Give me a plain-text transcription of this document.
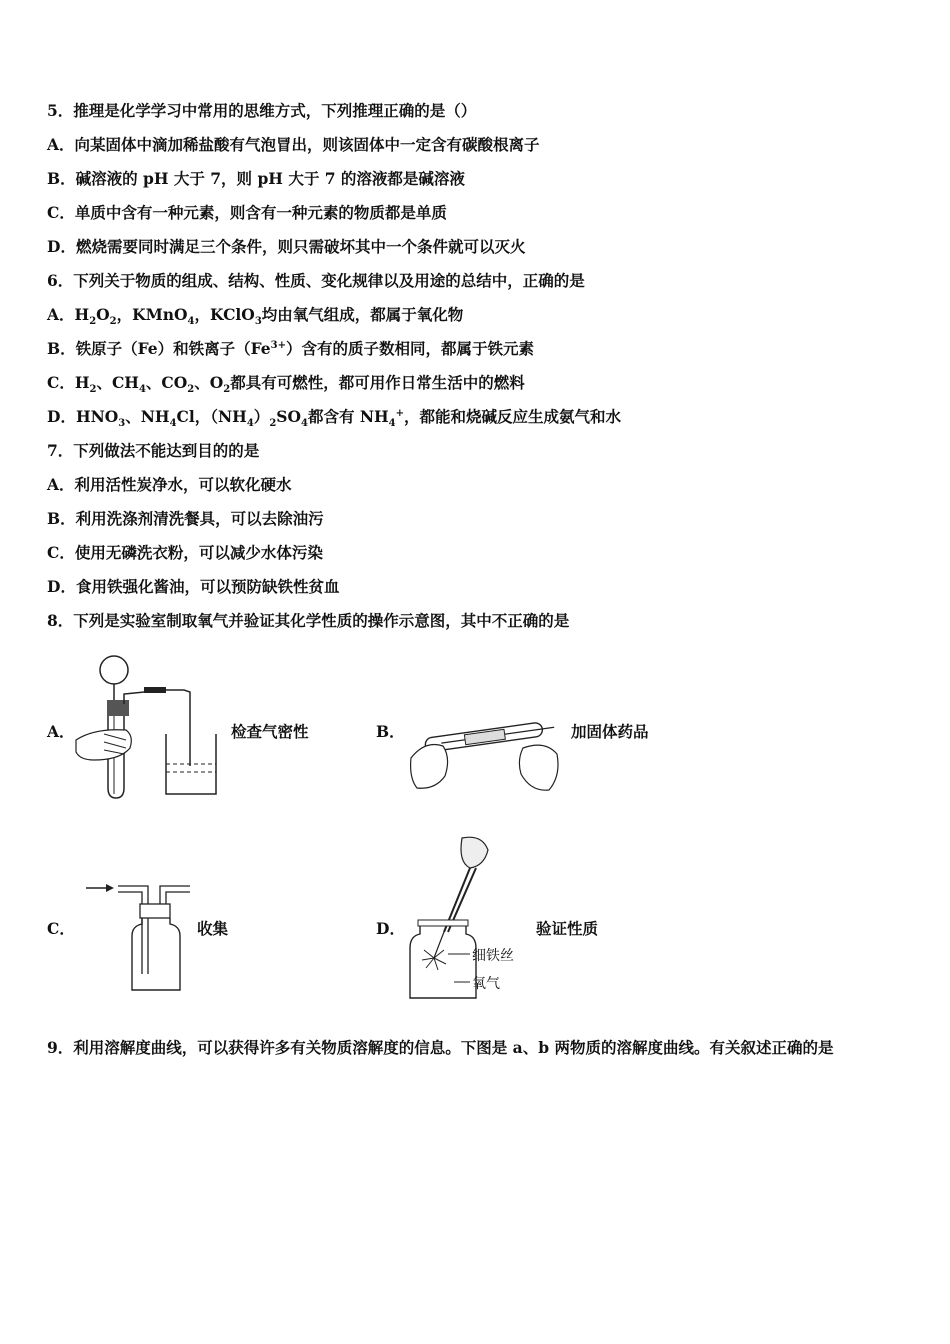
5．推理是化学学习中常用的思维方式，下列推理正确的是（）
A．向某固体中滴加稀盐酸有气泡冒出，则该固体中一定含有碳酸根离子
B．碱溶液的 pH 大于 7，则 pH 大于 7 的溶液都是碱溶液
C．单质中含有一种元素，则含有一种元素的物质都是单质
D．燃烧需要同时满足三个条件，则只需破坏其中一个条件就可以灭火
6．下列关于物质的组成、结构、性质、变化规律以及用途的总结中，正确的是
A．$H_2O_2$，KMnO$_4$，KClO$_3$均由氧气组成，都属于氧化物
B．铁原子（Fe）和铁离子$(Fe^{3+})$含有的质子数相同，都属于铁元素
C．$H_2$、$CH_4$、$CO_2$、$O_2$都具有可燃性，都可用作日常生活中的燃料
D．$HNO_3$、$NH_4Cl$，$(NH_4)_2SO_4$都含有 $NH_4^+$，都能和烧碱反应生成氨气和水
7．下列做法不能达到目的的是
A．利用活性炭净水，可以软化硬水
B．利用洗涤剂清洗餐具，可以去除油污
C．使用无磷洗衣粉，可以减少水体污染
D．食用铁强化酱油，可以预防缺铁性贫血
8．下列是实验室制取氧气并验证其化学性质的操作示意图，其中不正确的是
A．	检查气密性	B．	加固体药品
C．	收集	D．
细铁丝
氧气
验证性质
9．利用溶解度曲线，可以获得许多有关物质溶解度的信息。下图是 a、b 两物质的溶解度曲线。有关叙述正确的是
